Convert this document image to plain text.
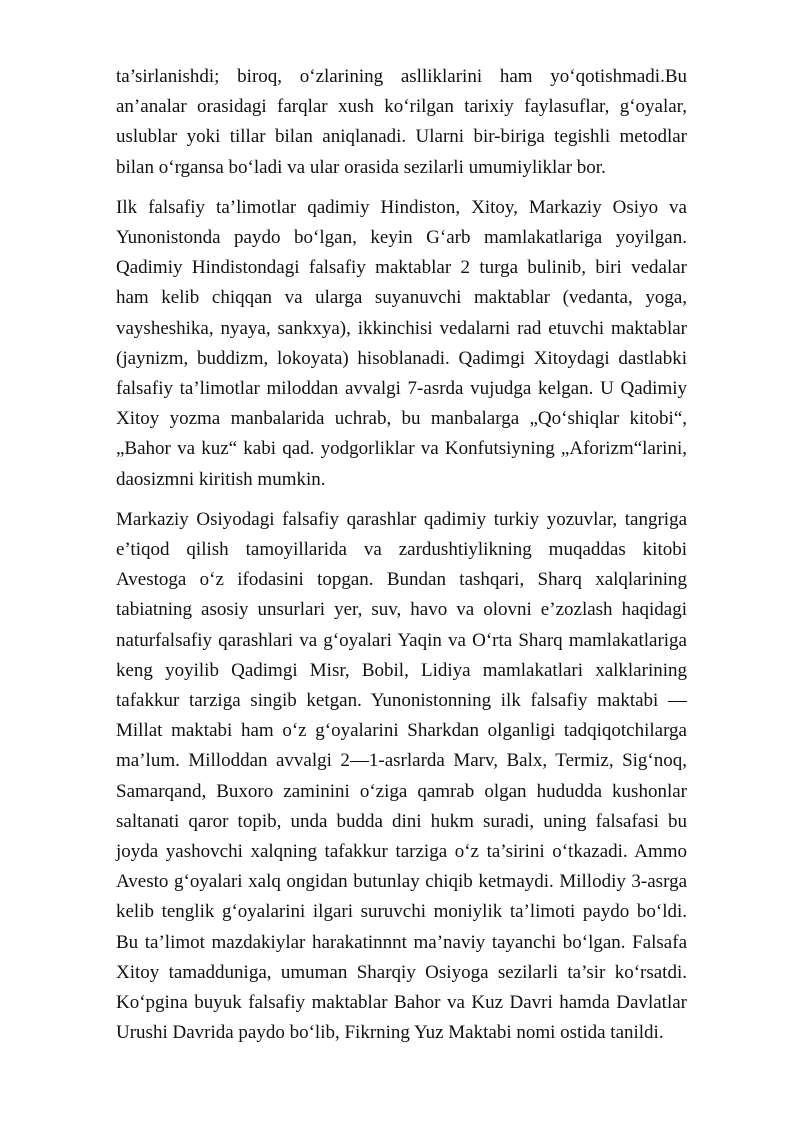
ta’sirlanishdi; biroq, o‘zlarining aslliklarini ham yo‘qotishmadi.Bu an’analar orasidagi farqlar xush ko‘rilgan tarixiy faylasuflar, g‘oyalar, uslublar yoki tillar bilan aniqlanadi. Ularni bir-biriga tegishli metodlar bilan o‘rgansa bo‘ladi va ular orasida sezilarli umumiyliklar bor.

Ilk falsafiy ta’limotlar qadimiy Hindiston, Xitoy, Markaziy Osiyo va Yunonistonda paydo bo‘lgan, keyin G‘arb mamlakatlariga yoyilgan. Qadimiy Hindistondagi falsafiy maktablar 2 turga bulinib, biri vedalar ham kelib chiqqan va ularga suyanuvchi maktablar (vedanta, yoga, vaysheshika, nyaya, sankxya), ikkinchisi vedalarni rad etuvchi maktablar (jaynizm, buddizm, lokoyata) hisoblanadi. Qadimgi Xitoydagi dastlabki falsafiy ta’limotlar miloddan avvalgi 7-asrda vujudga kelgan. U Qadimiy Xitoy yozma manbalarida uchrab, bu manbalarga „Qo‘shiqlar kitobi“, „Bahor va kuz“ kabi qad. yodgorliklar va Konfutsiyning „Aforizm“larini, daosizmni kiritish mumkin.

Markaziy Osiyodagi falsafiy qarashlar qadimiy turkiy yozuvlar, tangriga e’tiqod qilish tamoyillarida va zardushtiylikning muqaddas kitobi Avestoga o‘z ifodasini topgan. Bundan tashqari, Sharq xalqlarining tabiatning asosiy unsurlari yer, suv, havo va olovni e’zozlash haqidagi naturfalsafiy qarashlari va g‘oyalari Yaqin va O‘rta Sharq mamlakatlariga keng yoyilib Qadimgi Misr, Bobil, Lidiya mamlakatlari xalklarining tafakkur tarziga singib ketgan. Yunonistonning ilk falsafiy maktabi — Millat maktabi ham o‘z g‘oyalarini Sharkdan olganligi tadqiqotchilarga ma’lum. Milloddan avvalgi 2—1-asrlarda Marv, Balx, Termiz, Sig‘noq, Samarqand, Buxoro zaminini o‘ziga qamrab olgan hududda kushonlar saltanati qaror topib, unda budda dini hukm suradi, uning falsafasi bu joyda yashovchi xalqning tafakkur tarziga o‘z ta’sirini o‘tkazadi. Ammo Avesto g‘oyalari xalq ongidan butunlay chiqib ketmaydi. Millodiy 3-asrga kelib tenglik g‘oyalarini ilgari suruvchi moniylik ta’limoti paydo bo‘ldi. Bu ta’limot mazdakiylar harakatinnnt ma’naviy tayanchi bo‘lgan. Falsafa Xitoy tamadduniga, umuman Sharqiy Osiyoga sezilarli ta’sir ko‘rsatdi. Ko‘pgina buyuk falsafiy maktablar Bahor va Kuz Davri hamda Davlatlar Urushi Davrida paydo bo‘lib, Fikrning Yuz Maktabi nomi ostida tanildi.
